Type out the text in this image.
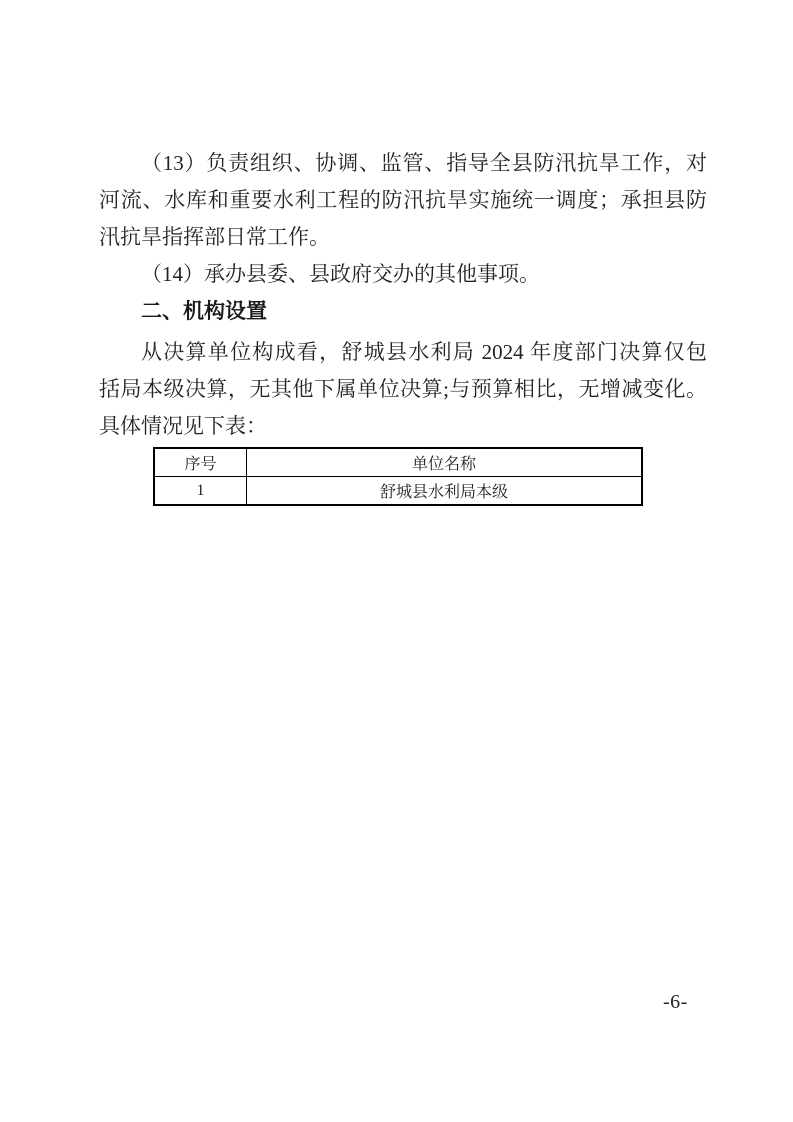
（13）负责组织、协调、监管、指导全县防汛抗旱工作，对
河流、水库和重要水利工程的防汛抗旱实施统一调度；承担县防
汛抗旱指挥部日常工作。
（14）承办县委、县政府交办的其他事项。
二、机构设置
从决算单位构成看，舒城县水利局 2024 年度部门决算仅包
括局本级决算，无其他下属单位决算;与预算相比，无增减变化。
具体情况见下表：
序号	单位名称
1	舒城县水利局本级
-6-
